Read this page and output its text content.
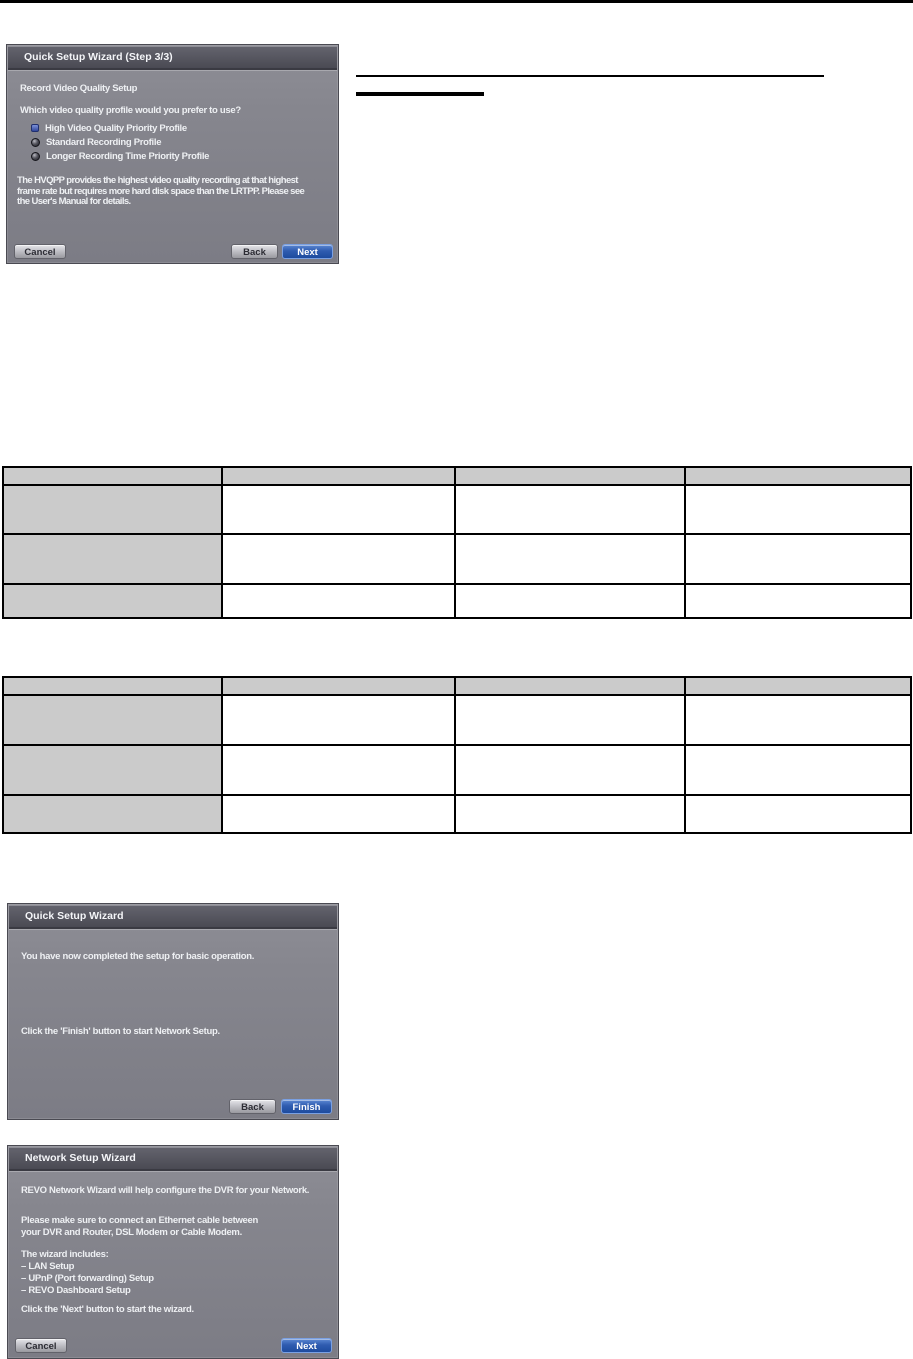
Quick Setup Wizard (Step 3/3)
Record Video Quality Setup
Which video quality profile would you prefer to use?
High Video Quality Priority Profile
Standard Recording Profile
Longer Recording Time Priority Profile
The HVQPP provides the highest video quality recording at that highest
frame rate but requires more hard disk space than the LRTPP. Please see
the User's Manual for details.
Cancel	Back	Next

Quick Setup Wizard
You have now completed the setup for basic operation.
Click the 'Finish' button to start Network Setup.
Back	Finish
Network Setup Wizard
REVO Network Wizard will help configure the DVR for your Network.
Please make sure to connect an Ethernet cable between
your DVR and Router, DSL Modem or Cable Modem.
The wizard includes:
– LAN Setup
– UPnP (Port forwarding) Setup
– REVO Dashboard Setup
Click the 'Next' button to start the wizard.
Cancel	Next
